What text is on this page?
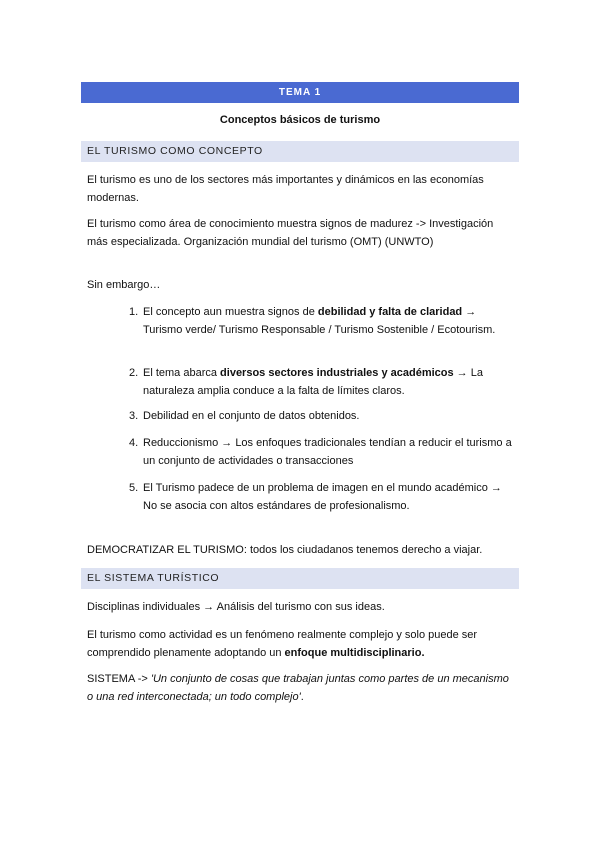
TEMA 1
Conceptos básicos de turismo
EL TURISMO COMO CONCEPTO
El turismo es uno de los sectores más importantes y dinámicos en las economías modernas.
El turismo como área de conocimiento muestra signos de madurez -> Investigación más especializada. Organización mundial del turismo (OMT) (UNWTO)
Sin embargo…
1. El concepto aun muestra signos de debilidad y falta de claridad → Turismo verde/ Turismo Responsable / Turismo Sostenible / Ecotourism.
2. El tema abarca diversos sectores industriales y académicos → La naturaleza amplia conduce a la falta de límites claros.
3. Debilidad en el conjunto de datos obtenidos.
4. Reduccionismo → Los enfoques tradicionales tendían a reducir el turismo a un conjunto de actividades o transacciones
5. El Turismo padece de un problema de imagen en el mundo académico → No se asocia con altos estándares de profesionalismo.
DEMOCRATIZAR EL TURISMO: todos los ciudadanos tenemos derecho a viajar.
EL SISTEMA TURÍSTICO
Disciplinas individuales → Análisis del turismo con sus ideas.
El turismo como actividad es un fenómeno realmente complejo y solo puede ser comprendido plenamente adoptando un enfoque multidisciplinario.
SISTEMA -> 'Un conjunto de cosas que trabajan juntas como partes de un mecanismo o una red interconectada; un todo complejo'.
